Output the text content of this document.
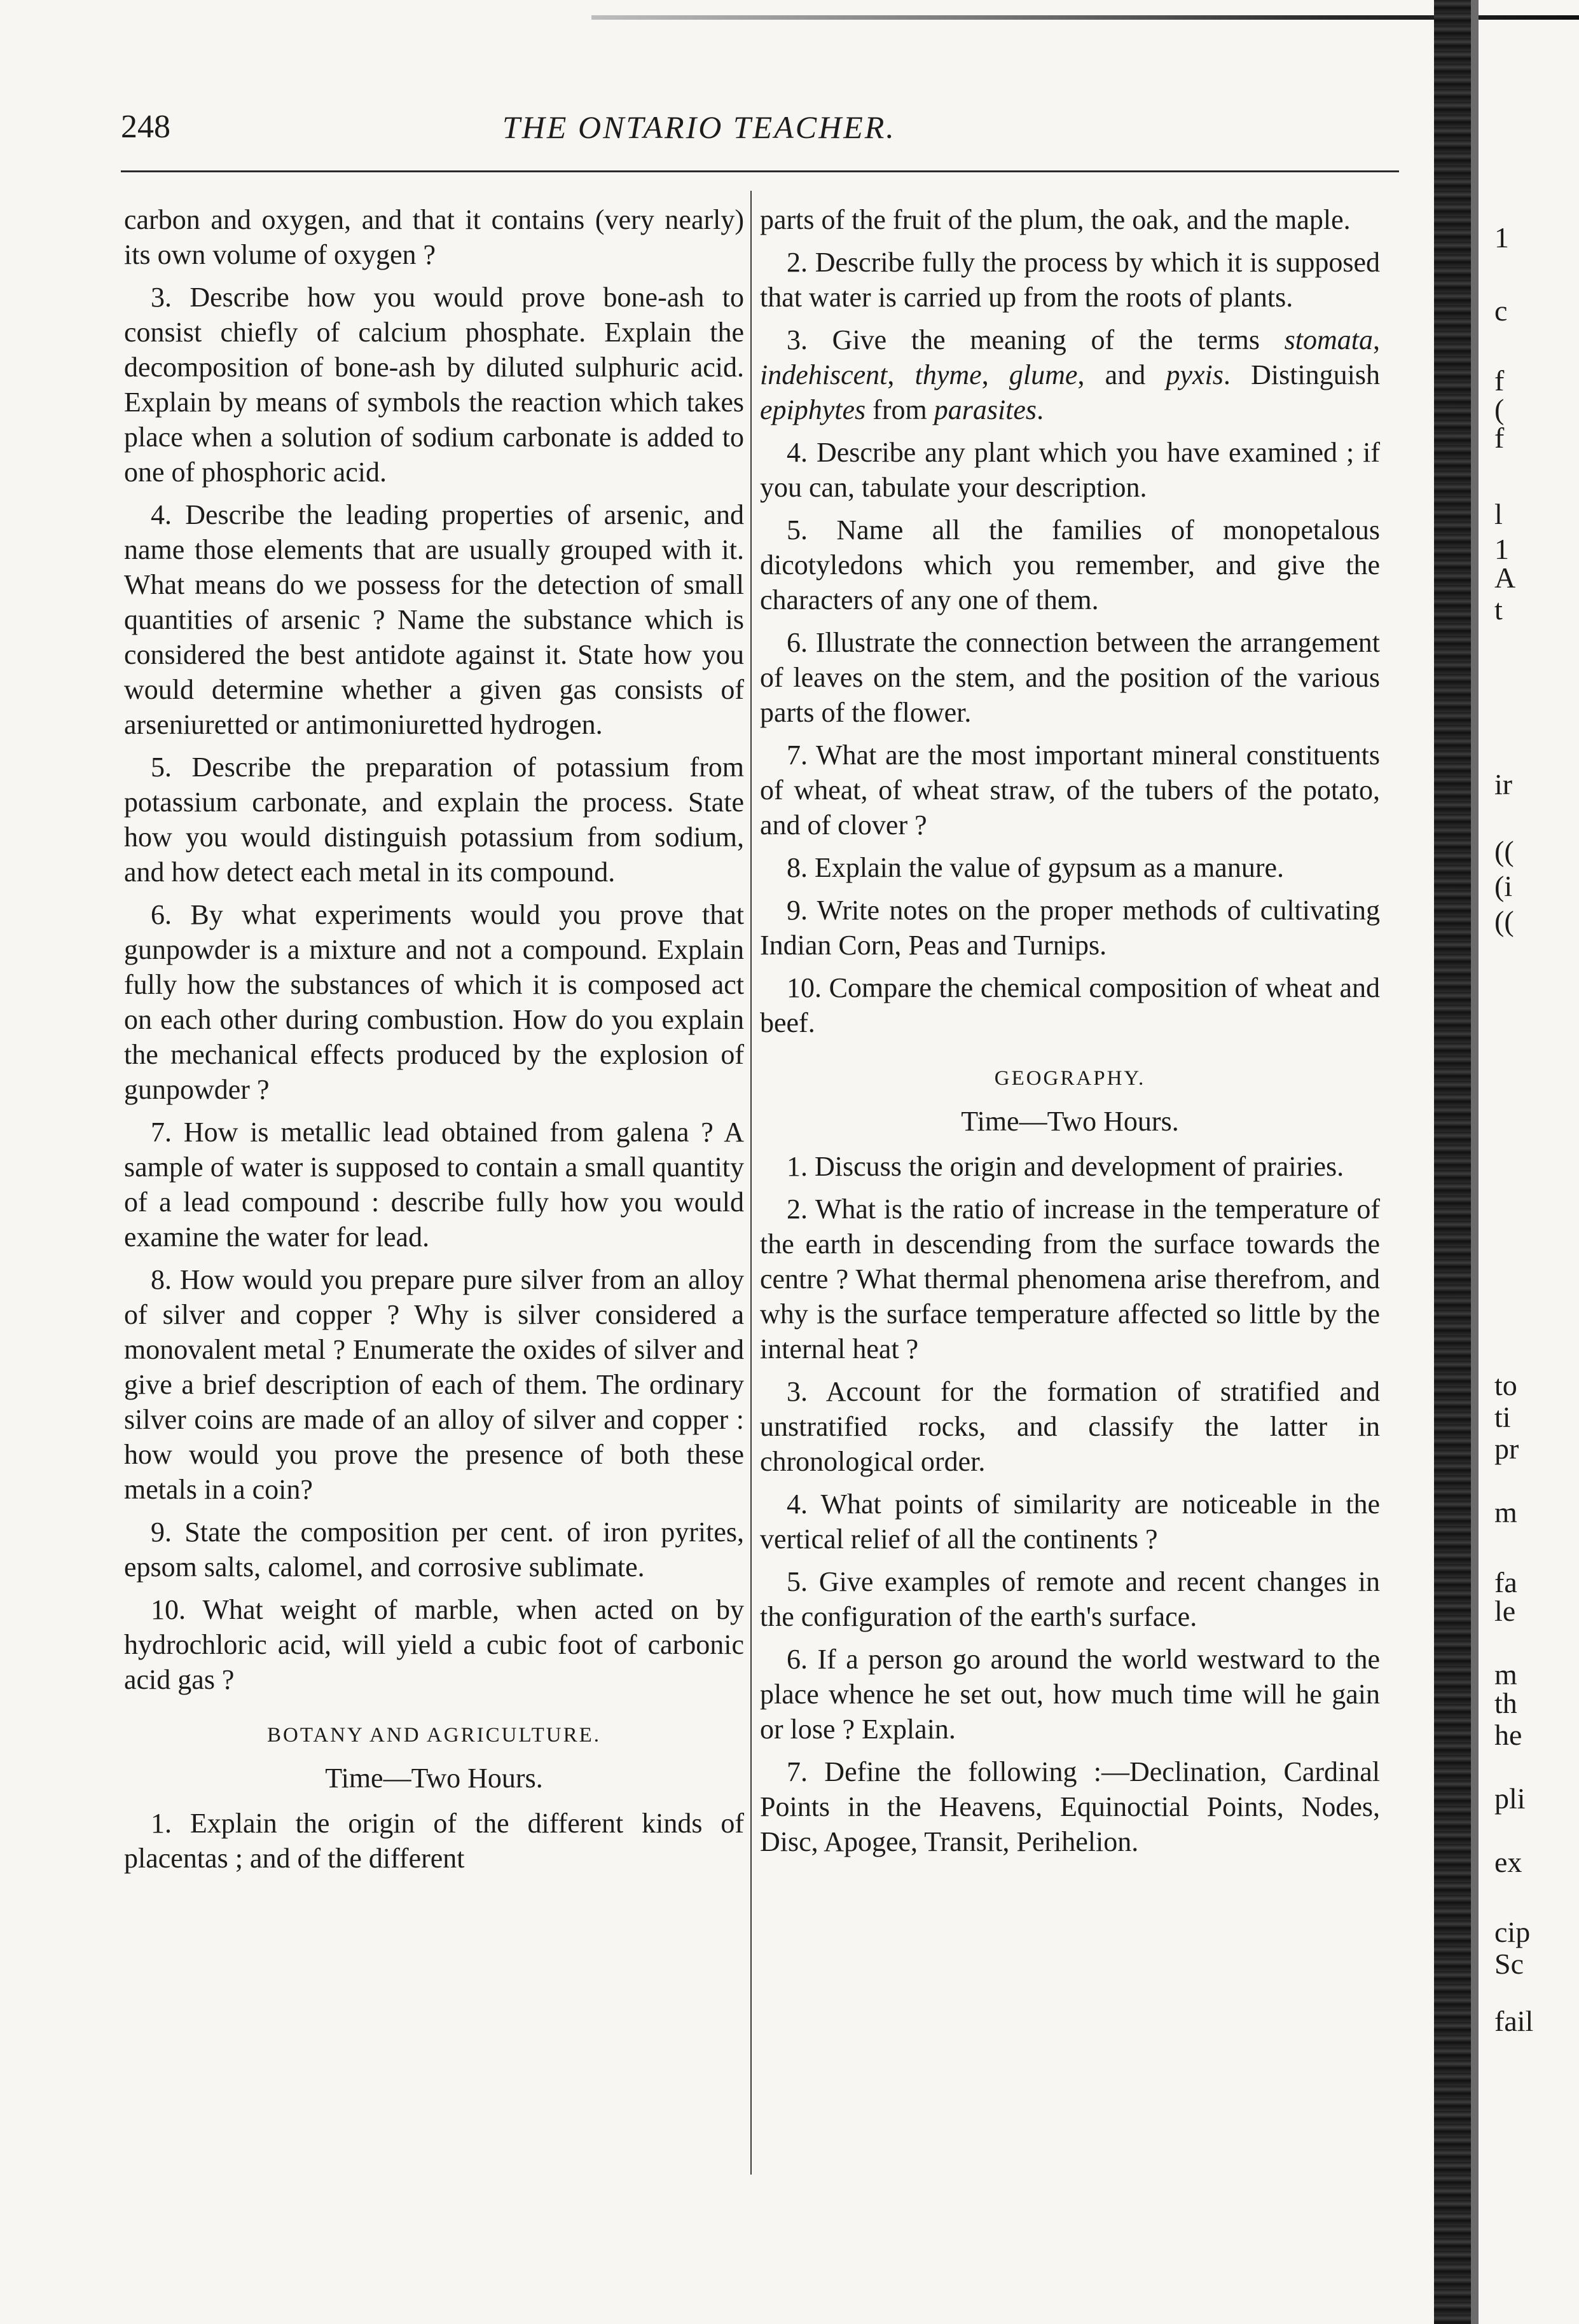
248	THE ONTARIO TEACHER.

carbon and oxygen, and that it contains (very nearly) its own volume of oxygen ?

3. Describe how you would prove bone-ash to consist chiefly of calcium phosphate. Explain the decomposition of bone-ash by diluted sulphuric acid. Explain by means of symbols the reaction which takes place when a solution of sodium carbonate is added to one of phosphoric acid.

4. Describe the leading properties of arsenic, and name those elements that are usually grouped with it. What means do we possess for the detection of small quantities of arsenic ? Name the substance which is considered the best antidote against it. State how you would determine whether a given gas consists of arseniuretted or antimoniuretted hydrogen.

5. Describe the preparation of potassium from potassium carbonate, and explain the process. State how you would distinguish potassium from sodium, and how detect each metal in its compound.

6. By what experiments would you prove that gunpowder is a mixture and not a compound. Explain fully how the substances of which it is composed act on each other during combustion. How do you explain the mechanical effects produced by the explosion of gunpowder ?

7. How is metallic lead obtained from galena ? A sample of water is supposed to contain a small quantity of a lead compound : describe fully how you would examine the water for lead.

8. How would you prepare pure silver from an alloy of silver and copper ? Why is silver considered a monovalent metal ? Enumerate the oxides of silver and give a brief description of each of them. The ordinary silver coins are made of an alloy of silver and copper : how would you prove the presence of both these metals in a coin?

9. State the composition per cent. of iron pyrites, epsom salts, calomel, and corrosive sublimate.

10. What weight of marble, when acted on by hydrochloric acid, will yield a cubic foot of carbonic acid gas ?

BOTANY AND AGRICULTURE.
Time—Two Hours.

1. Explain the origin of the different kinds of placentas ; and of the different

parts of the fruit of the plum, the oak, and the maple.

2. Describe fully the process by which it is supposed that water is carried up from the roots of plants.

3. Give the meaning of the terms stomata, indehiscent, thyme, glume, and pyxis. Distinguish epiphytes from parasites.

4. Describe any plant which you have examined ; if you can, tabulate your description.

5. Name all the families of monopetalous dicotyledons which you remember, and give the characters of any one of them.

6. Illustrate the connection between the arrangement of leaves on the stem, and the position of the various parts of the flower.

7. What are the most important mineral constituents of wheat, of wheat straw, of the tubers of the potato, and of clover ?

8. Explain the value of gypsum as a manure.

9. Write notes on the proper methods of cultivating Indian Corn, Peas and Turnips.

10. Compare the chemical composition of wheat and beef.

GEOGRAPHY.
Time—Two Hours.

1. Discuss the origin and development of prairies.

2. What is the ratio of increase in the temperature of the earth in descending from the surface towards the centre ? What thermal phenomena arise therefrom, and why is the surface temperature affected so little by the internal heat ?

3. Account for the formation of stratified and unstratified rocks, and classify the latter in chronological order.

4. What points of similarity are noticeable in the vertical relief of all the continents ?

5. Give examples of remote and recent changes in the configuration of the earth's surface.

6. If a person go around the world westward to the place whence he set out, how much time will he gain or lose ? Explain.

7. Define the following :—Declination, Cardinal Points in the Heavens, Equinoctial Points, Nodes, Disc, Apogee, Transit, Perihelion.

1
c
f
(
f
l
1
A
t
ir
((
(i
((
to
ti
pr
m
fa
le
m
th
he
pli
ex
cip
Sc
fail
